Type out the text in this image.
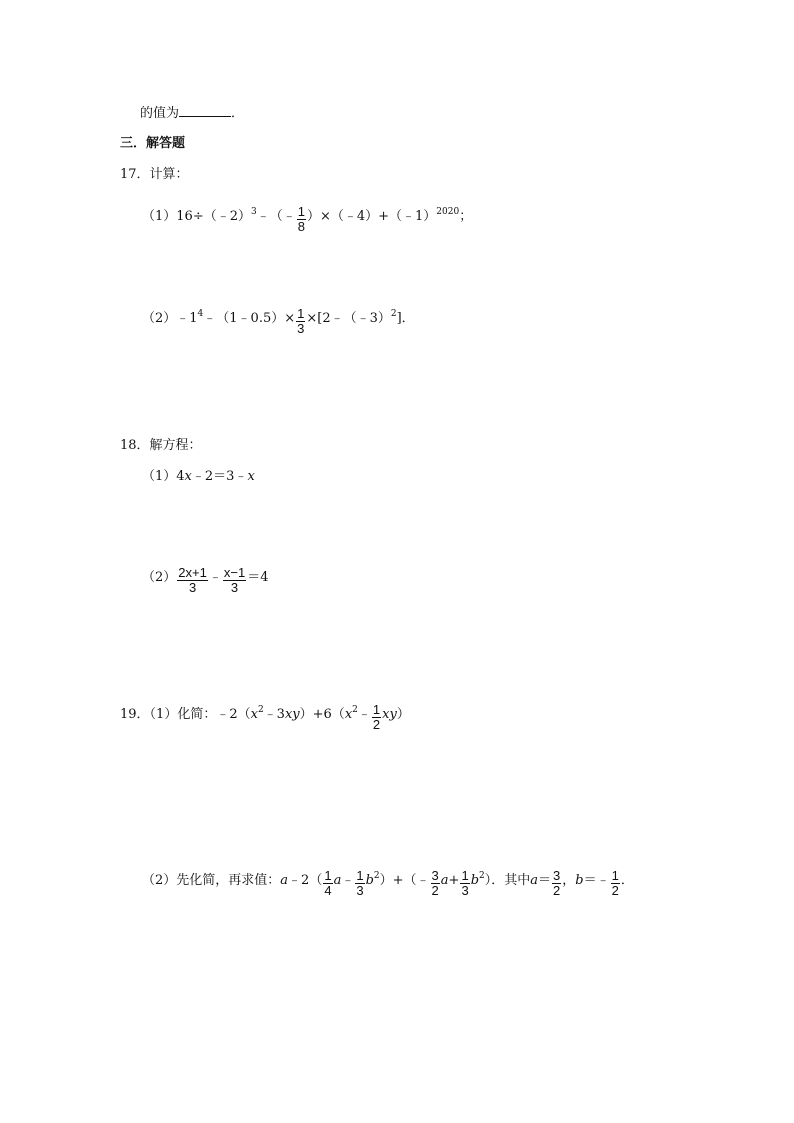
的值为	．
三．解答题
17．计算：
（1）16÷（﹣2）$^3$﹣（﹣ $\frac{1}{8}$ ）×（﹣4）+（﹣1）$^{2020}$；
$(2)﹣1^4﹣(1﹣0.5)\times \frac{1}{3}$ ×[2﹣（﹣3）$^2$]．
18．解方程：
（1）4x﹣2＝3﹣x
$(2) \frac{2x+1}{3}$ ﹣ $\frac{x-1}{3} =4$
19．（1）化简：$﹣2(x^2﹣3xy)+6(x^2﹣ \frac{1}{2} xy)$
（2）先化简，再求值：a﹣2（ $\frac{1}{4}$ a﹣ $\frac{1}{3}$ $b^2)+(﹣ \frac{3}{2} a+ \frac{1}{3} b^2)$．其中$a= \frac{3}{2}$ ，b＝﹣ $\frac{1}{2}$ ．
